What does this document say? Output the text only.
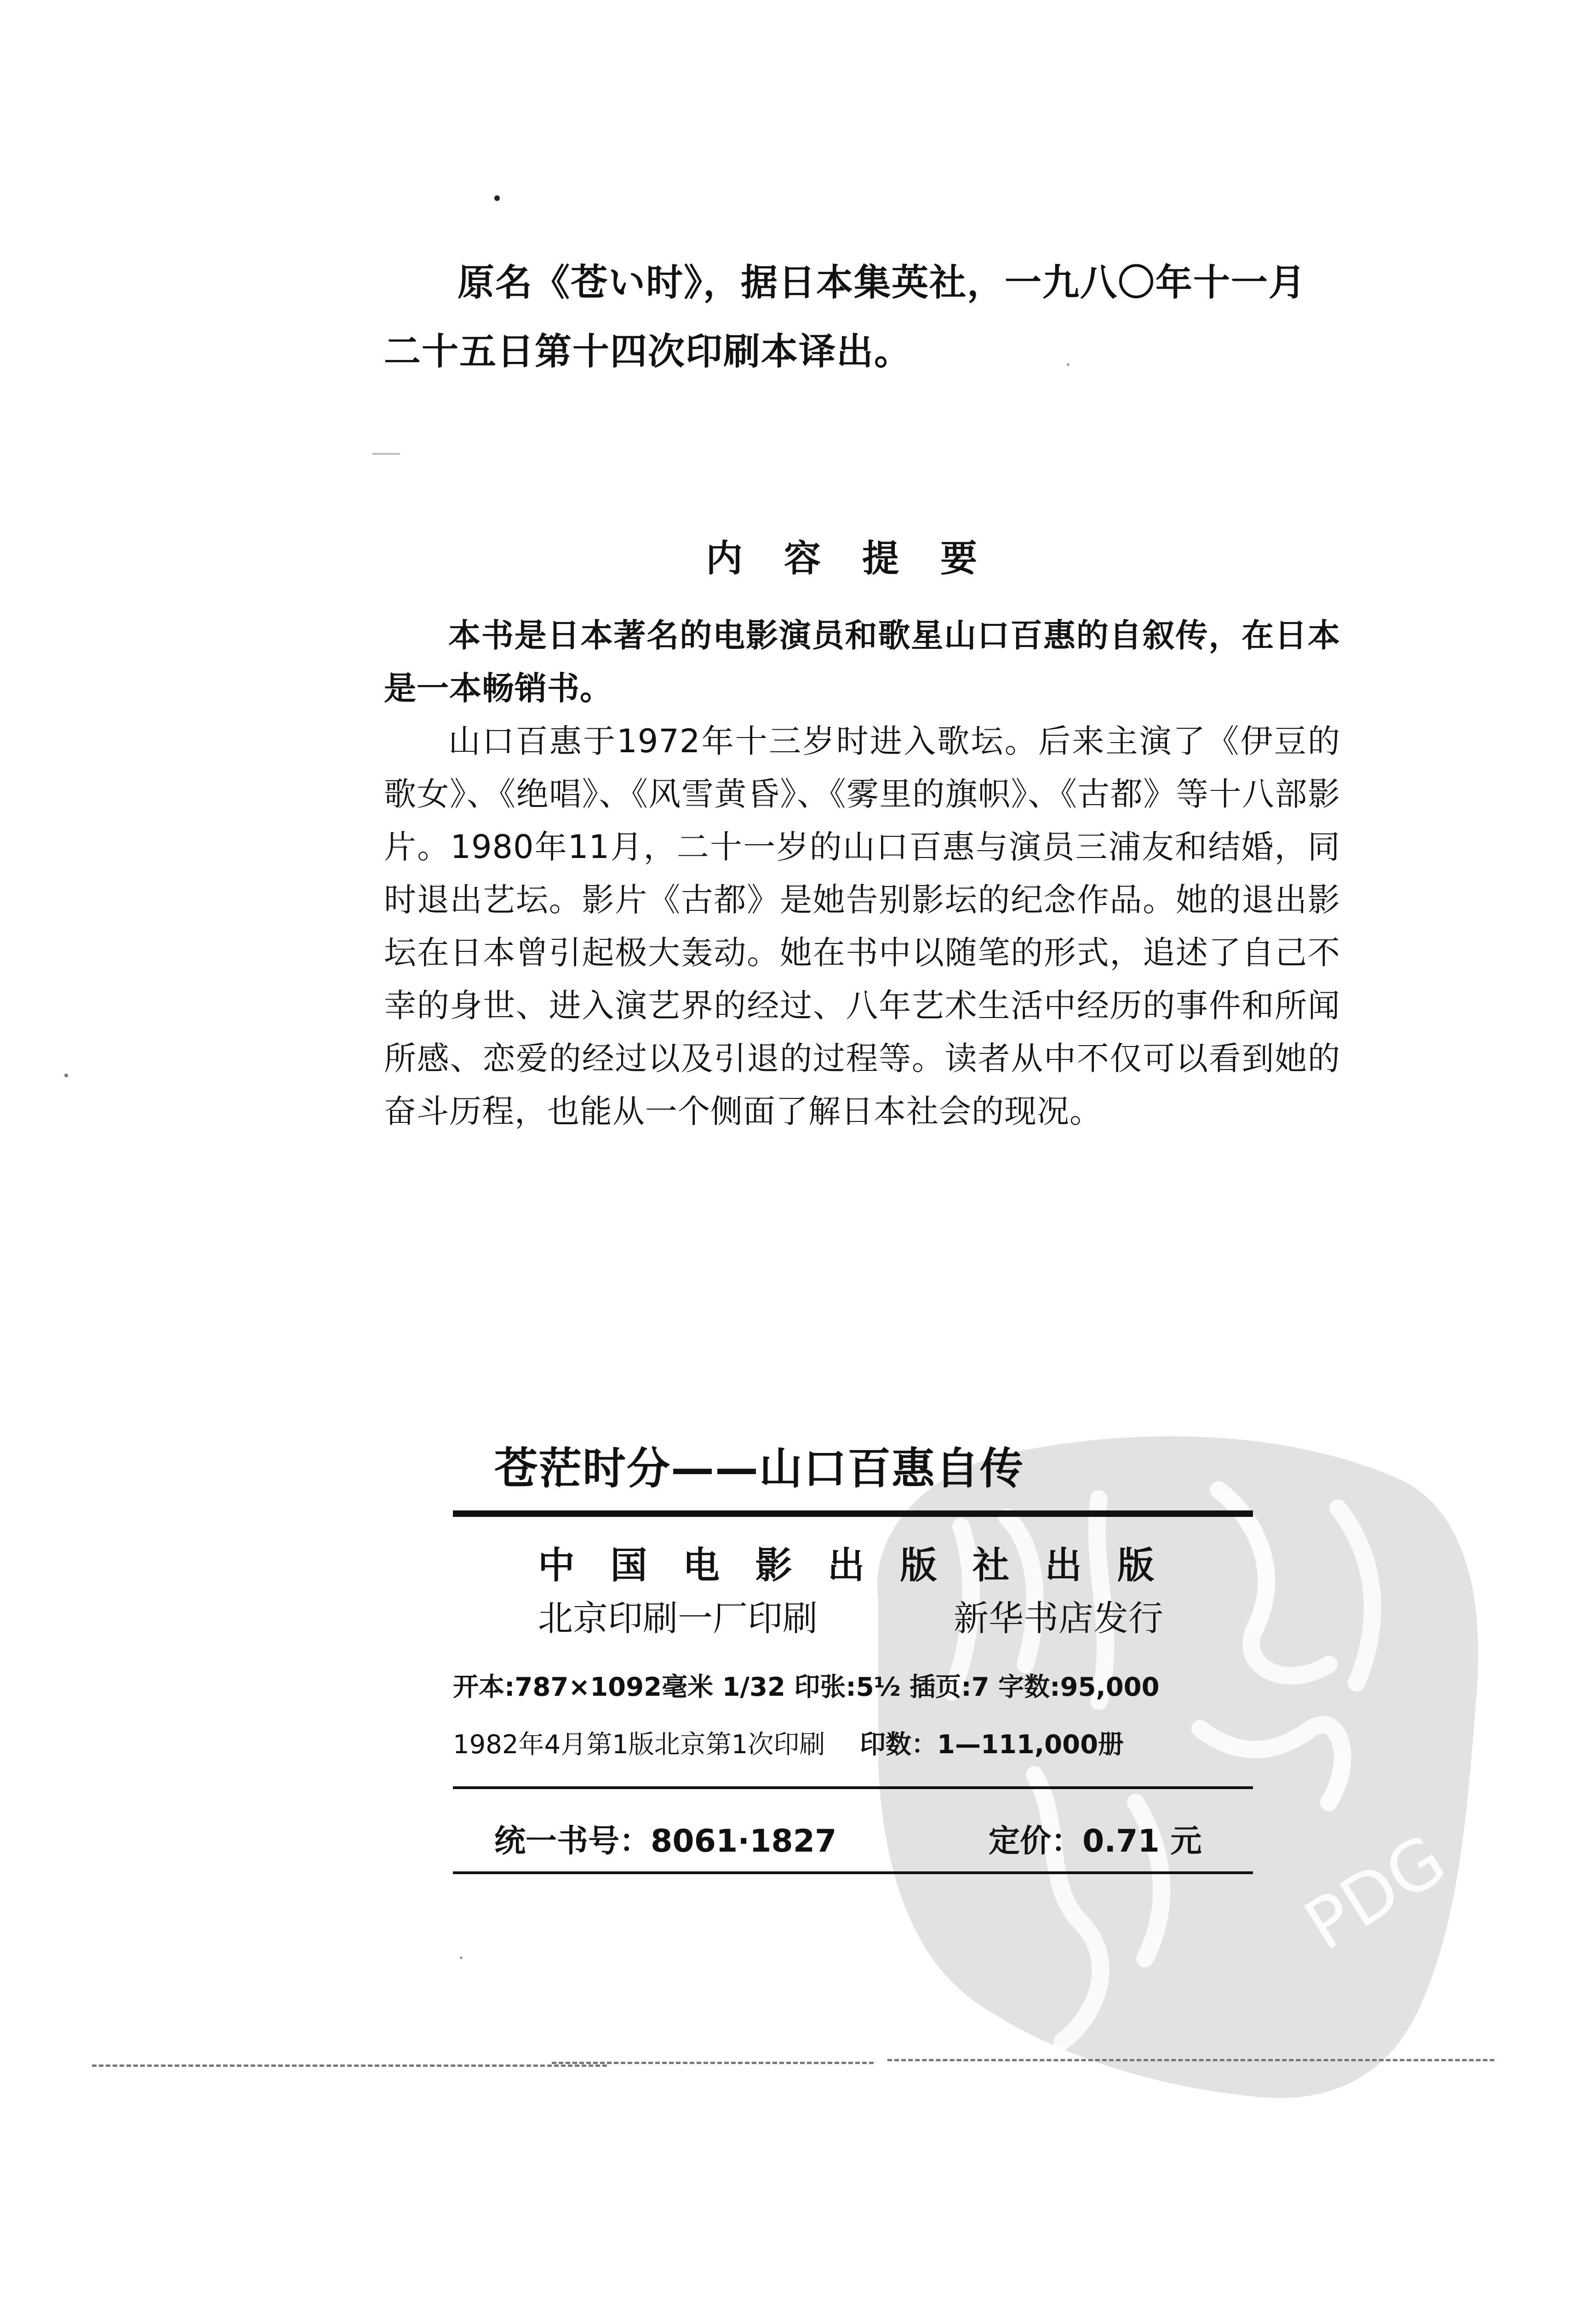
PDG

原名《苍い时》，据日本集英社，一九八〇年十一月二十五日第十四次印刷本译出。

内容提要

本书是日本著名的电影演员和歌星山口百惠的自叙传，在日本是一本畅销书。

山口百惠于1972年十三岁时进入歌坛。后来主演了《伊豆的歌女》、《绝唱》、《风雪黄昏》、《雾里的旗帜》、《古都》等十八部影片。1980年11月，二十一岁的山口百惠与演员三浦友和结婚，同时退出艺坛。影片《古都》是她告别影坛的纪念作品。她的退出影坛在日本曾引起极大轰动。她在书中以随笔的形式，追述了自己不幸的身世、进入演艺界的经过、八年艺术生活中经历的事件和所闻所感、恋爱的经过以及引退的过程等。读者从中不仅可以看到她的奋斗历程，也能从一个侧面了解日本社会的现况。

苍茫时分——山口百惠自传
中国电影出版社出版
北京印刷一厂印刷	新华书店发行
开本:787×1092毫米 1/32 印张:5½ 插页:7 字数:95,000
1982年4月第1版北京第1次印刷 印数：1—111,000册
统一书号：8061·1827	定价：0.71 元
